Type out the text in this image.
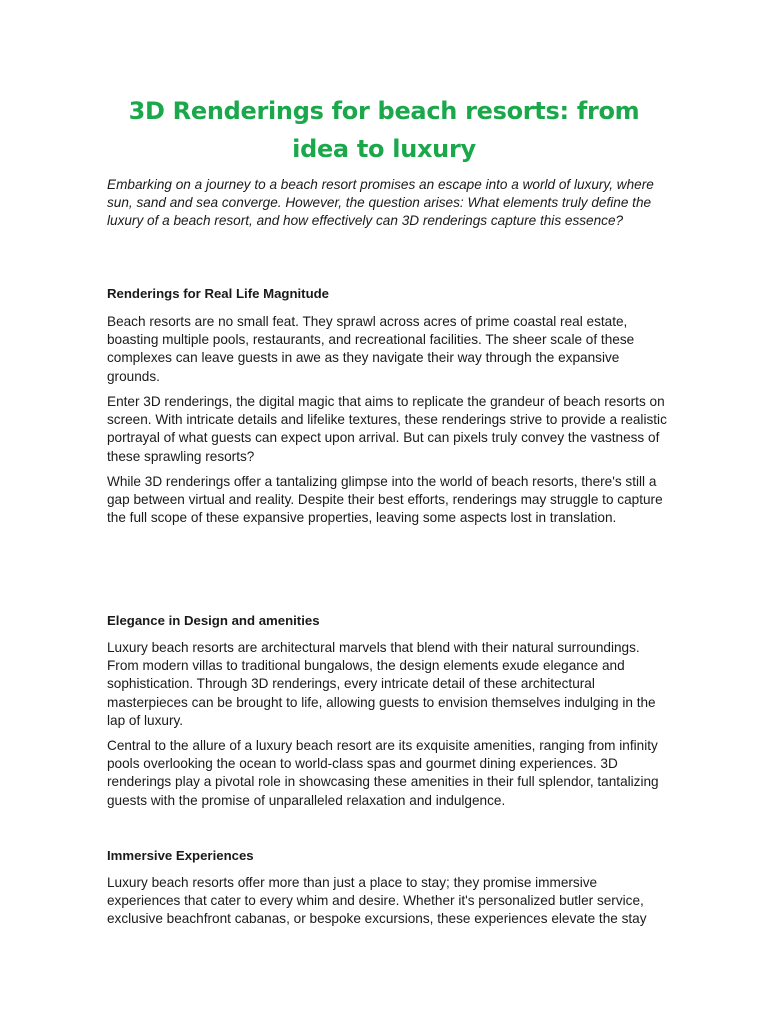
3D Renderings for beach resorts: from idea to luxury

Embarking on a journey to a beach resort promises an escape into a world of luxury, where sun, sand and sea converge. However, the question arises: What elements truly define the luxury of a beach resort, and how effectively can 3D renderings capture this essence?

Renderings for Real Life Magnitude

Beach resorts are no small feat. They sprawl across acres of prime coastal real estate, boasting multiple pools, restaurants, and recreational facilities. The sheer scale of these complexes can leave guests in awe as they navigate their way through the expansive grounds.

Enter 3D renderings, the digital magic that aims to replicate the grandeur of beach resorts on screen. With intricate details and lifelike textures, these renderings strive to provide a realistic portrayal of what guests can expect upon arrival. But can pixels truly convey the vastness of these sprawling resorts?

While 3D renderings offer a tantalizing glimpse into the world of beach resorts, there's still a gap between virtual and reality. Despite their best efforts, renderings may struggle to capture the full scope of these expansive properties, leaving some aspects lost in translation.

Elegance in Design and amenities

Luxury beach resorts are architectural marvels that blend with their natural surroundings. From modern villas to traditional bungalows, the design elements exude elegance and sophistication. Through 3D renderings, every intricate detail of these architectural masterpieces can be brought to life, allowing guests to envision themselves indulging in the lap of luxury.

Central to the allure of a luxury beach resort are its exquisite amenities, ranging from infinity pools overlooking the ocean to world-class spas and gourmet dining experiences. 3D renderings play a pivotal role in showcasing these amenities in their full splendor, tantalizing guests with the promise of unparalleled relaxation and indulgence.

Immersive Experiences

Luxury beach resorts offer more than just a place to stay; they promise immersive experiences that cater to every whim and desire. Whether it's personalized butler service, exclusive beachfront cabanas, or bespoke excursions, these experiences elevate the stay
